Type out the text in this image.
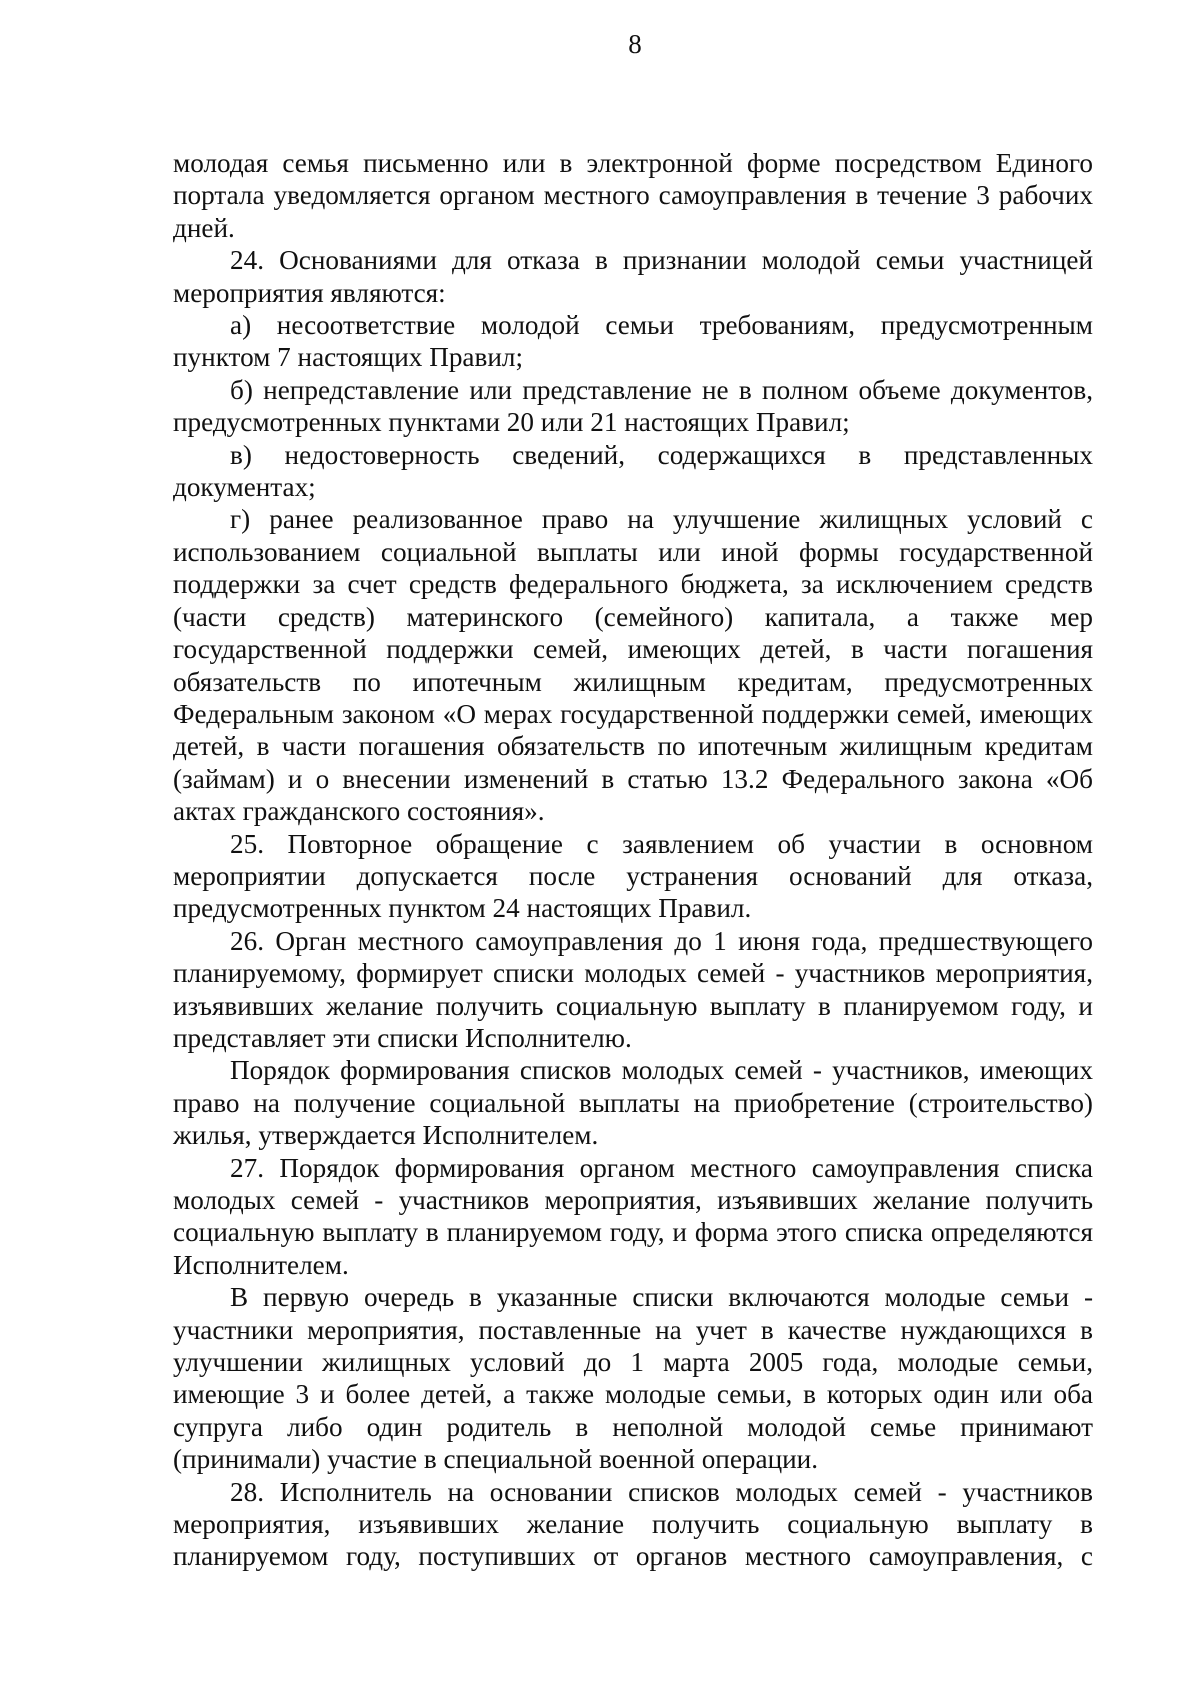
8

молодая семья письменно или в электронной форме посредством Единого портала уведомляется органом местного самоуправления в течение 3 рабочих дней.

24. Основаниями для отказа в признании молодой семьи участницей мероприятия являются:

а) несоответствие молодой семьи требованиям, предусмотренным пунктом 7 настоящих Правил;

б) непредставление или представление не в полном объеме документов, предусмотренных пунктами 20 или 21 настоящих Правил;

в) недостоверность сведений, содержащихся в представленных документах;

г) ранее реализованное право на улучшение жилищных условий с использованием социальной выплаты или иной формы государственной поддержки за счет средств федерального бюджета, за исключением средств (части средств) материнского (семейного) капитала, а также мер государственной поддержки семей, имеющих детей, в части погашения обязательств по ипотечным жилищным кредитам, предусмотренных Федеральным законом «О мерах государственной поддержки семей, имеющих детей, в части погашения обязательств по ипотечным жилищным кредитам (займам) и о внесении изменений в статью 13.2 Федерального закона «Об актах гражданского состояния».

25. Повторное обращение с заявлением об участии в основном мероприятии допускается после устранения оснований для отказа, предусмотренных пунктом 24 настоящих Правил.

26. Орган местного самоуправления до 1 июня года, предшествующего планируемому, формирует списки молодых семей - участников мероприятия, изъявивших желание получить социальную выплату в планируемом году, и представляет эти списки Исполнителю.

Порядок формирования списков молодых семей - участников, имеющих право на получение социальной выплаты на приобретение (строительство) жилья, утверждается Исполнителем.

27. Порядок формирования органом местного самоуправления списка молодых семей - участников мероприятия, изъявивших желание получить социальную выплату в планируемом году, и форма этого списка определяются Исполнителем.

В первую очередь в указанные списки включаются молодые семьи - участники мероприятия, поставленные на учет в качестве нуждающихся в улучшении жилищных условий до 1 марта 2005 года, молодые семьи, имеющие 3 и более детей, а также молодые семьи, в которых один или оба супруга либо один родитель в неполной молодой семье принимают (принимали) участие в специальной военной операции.

28. Исполнитель на основании списков молодых семей - участников мероприятия, изъявивших желание получить социальную выплату в планируемом году, поступивших от органов местного самоуправления, с
